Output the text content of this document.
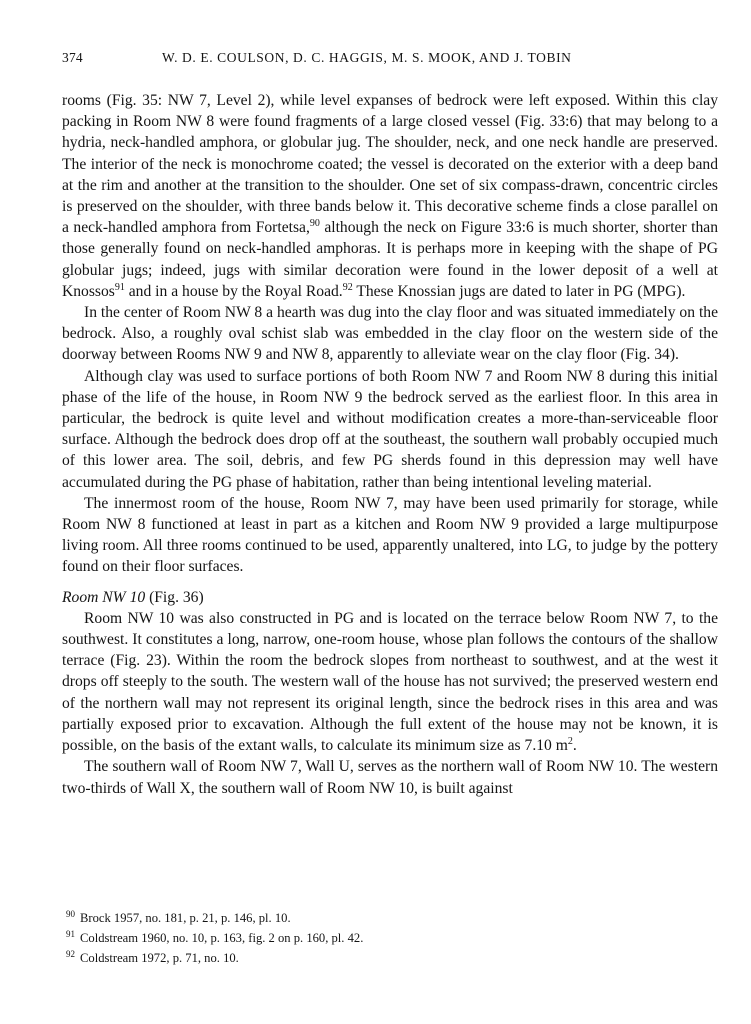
374	W. D. E. COULSON, D. C. HAGGIS, M. S. MOOK, AND J. TOBIN

rooms (Fig. 35: NW 7, Level 2), while level expanses of bedrock were left exposed. Within this clay packing in Room NW 8 were found fragments of a large closed vessel (Fig. 33:6) that may belong to a hydria, neck-handled amphora, or globular jug. The shoulder, neck, and one neck handle are preserved. The interior of the neck is monochrome coated; the vessel is decorated on the exterior with a deep band at the rim and another at the transition to the shoulder. One set of six compass-drawn, concentric circles is preserved on the shoulder, with three bands below it. This decorative scheme finds a close parallel on a neck-handled amphora from Fortetsa,$^{90}$ although the neck on Figure 33:6 is much shorter, shorter than those generally found on neck-handled amphoras. It is perhaps more in keeping with the shape of PG globular jugs; indeed, jugs with similar decoration were found in the lower deposit of a well at Knossos$^{91}$ and in a house by the Royal Road.$^{92}$ These Knossian jugs are dated to later in PG (MPG).

In the center of Room NW 8 a hearth was dug into the clay floor and was situated immediately on the bedrock. Also, a roughly oval schist slab was embedded in the clay floor on the western side of the doorway between Rooms NW 9 and NW 8, apparently to alleviate wear on the clay floor (Fig. 34).

Although clay was used to surface portions of both Room NW 7 and Room NW 8 during this initial phase of the life of the house, in Room NW 9 the bedrock served as the earliest floor. In this area in particular, the bedrock is quite level and without modification creates a more-than-serviceable floor surface. Although the bedrock does drop off at the southeast, the southern wall probably occupied much of this lower area. The soil, debris, and few PG sherds found in this depression may well have accumulated during the PG phase of habitation, rather than being intentional leveling material.

The innermost room of the house, Room NW 7, may have been used primarily for storage, while Room NW 8 functioned at least in part as a kitchen and Room NW 9 provided a large multipurpose living room. All three rooms continued to be used, apparently unaltered, into LG, to judge by the pottery found on their floor surfaces.

Room NW 10 (Fig. 36)

Room NW 10 was also constructed in PG and is located on the terrace below Room NW 7, to the southwest. It constitutes a long, narrow, one-room house, whose plan follows the contours of the shallow terrace (Fig. 23). Within the room the bedrock slopes from northeast to southwest, and at the west it drops off steeply to the south. The western wall of the house has not survived; the preserved western end of the northern wall may not represent its original length, since the bedrock rises in this area and was partially exposed prior to excavation. Although the full extent of the house may not be known, it is possible, on the basis of the extant walls, to calculate its minimum size as 7.10 $m^2$.

The southern wall of Room NW 7, Wall U, serves as the northern wall of Room NW 10. The western two-thirds of Wall X, the southern wall of Room NW 10, is built against

$^{90}$ Brock 1957, no. 181, p. 21, p. 146, pl. 10.
$^{91}$ Coldstream 1960, no. 10, p. 163, fig. 2 on p. 160, pl. 42.
$^{92}$ Coldstream 1972, p. 71, no. 10.
